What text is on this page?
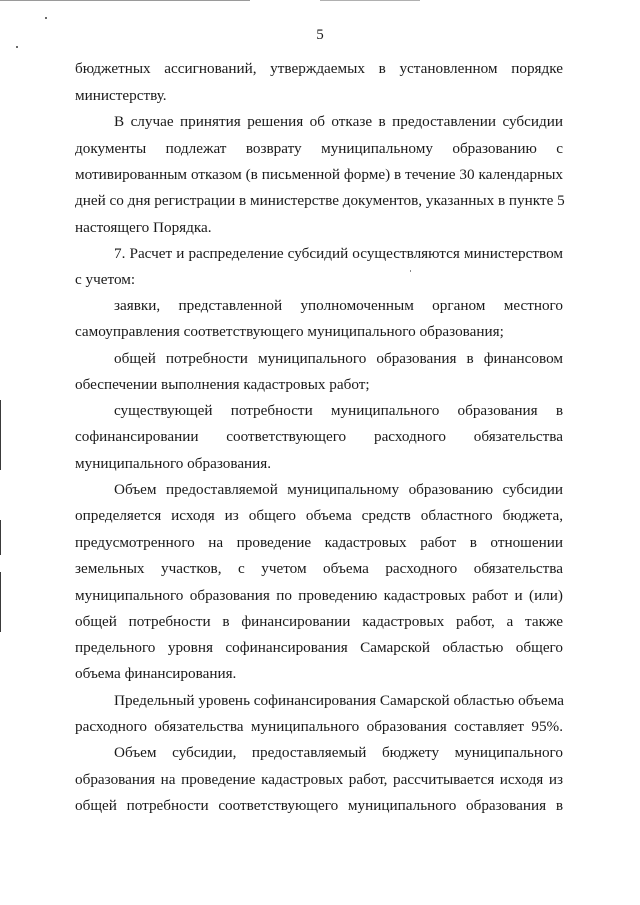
5
бюджетных ассигнований, утверждаемых в установленном порядке
министерству.
В случае принятия решения об отказе в предоставлении субсидии
документы подлежат возврату муниципальному образованию с
мотивированным отказом (в письменной форме) в течение 30 календарных
дней со дня регистрации в министерстве документов, указанных в пункте 5
настоящего Порядка.
7. Расчет и распределение субсидий осуществляются министерством
с учетом:
заявки, представленной уполномоченным органом местного
самоуправления соответствующего муниципального образования;
общей потребности муниципального образования в финансовом
обеспечении выполнения кадастровых работ;
существующей потребности муниципального образования в
софинансировании соответствующего расходного обязательства
муниципального образования.
Объем предоставляемой муниципальному образованию субсидии
определяется исходя из общего объема средств областного бюджета,
предусмотренного на проведение кадастровых работ в отношении
земельных участков, с учетом объема расходного обязательства
муниципального образования по проведению кадастровых работ и (или)
общей потребности в финансировании кадастровых работ, а также
предельного уровня софинансирования Самарской областью общего
объема финансирования.
Предельный уровень софинансирования Самарской областью объема
расходного обязательства муниципального образования составляет 95%.
Объем субсидии, предоставляемый бюджету муниципального
образования на проведение кадастровых работ, рассчитывается исходя из
общей потребности соответствующего муниципального образования в
